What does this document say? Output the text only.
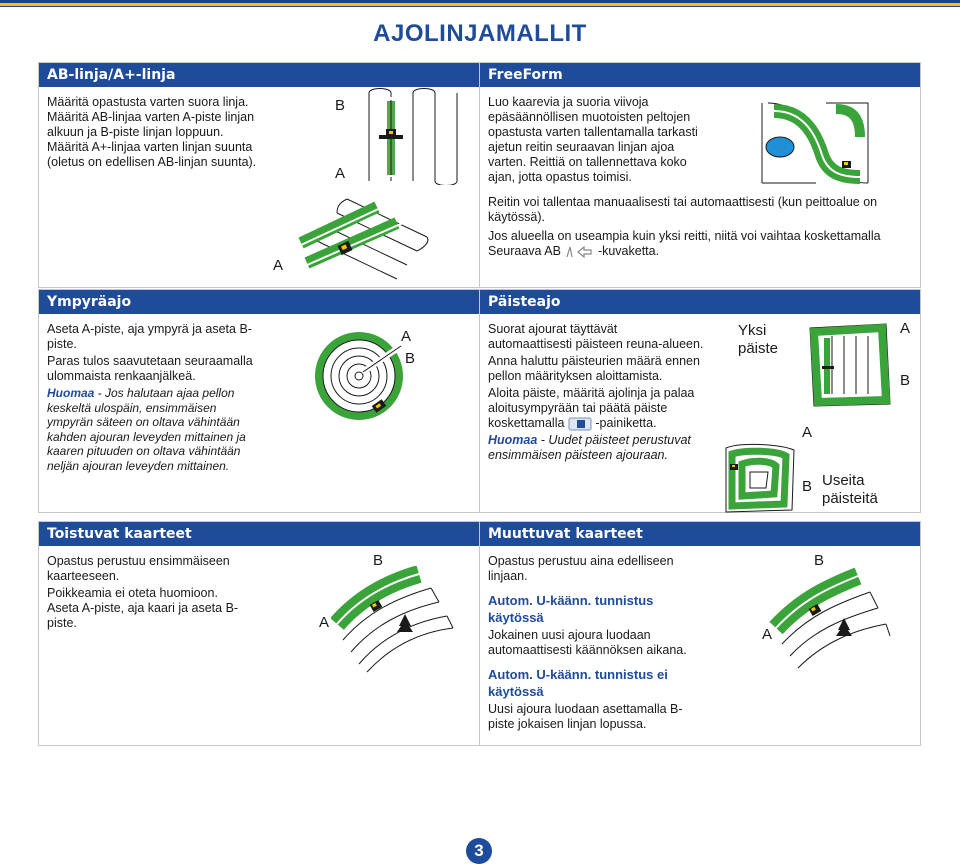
AJOLINJAMALLIT
AB-linja/A+-linja

Määritä opastusta varten suora linja.

Määritä AB-linjaa varten A-piste linjan alkuun ja B-piste linjan loppuun.

Määritä A+-linjaa varten linjan suunta (oletus on edellisen AB-linjan suunta).

B
A
A
FreeForm
Luo kaarevia ja suoria viivoja epäsäännöllisen muotoisten peltojen opastusta varten tallentamalla tarkasti ajetun reitin seuraavan linjan ajoa varten. Reittiä on tallennettava koko ajan, jotta opastus toimisi.
Reitin voi tallentaa manuaalisesti tai automaattisesti (kun peittoalue on käytössä).
Jos alueella on useampia kuin yksi reitti, niitä voi vaihtaa koskettamalla Seuraava AB	-kuvaketta.
Ympyräajo

Aseta A-piste, aja ympyrä ja aseta B-piste.

Paras tulos saavutetaan seuraamalla ulommaista renkaanjälkeä.

Huomaa - Jos halutaan ajaa pellon keskeltä ulospäin, ensimmäisen ympyrän säteen on oltava vähintään kahden ajouran leveyden mittainen ja kaaren pituuden on oltava vähintään neljän ajouran leveyden mittainen.

A
B
Päisteajo

Suorat ajourat täyttävät automaattisesti päisteen reuna-alueen.

Anna haluttu päisteurien määrä ennen pellon määrityksen aloittamista.

Aloita päiste, määritä ajolinja ja palaa aloitusympyrään tai päätä päiste koskettamalla  -painiketta.

Huomaa - Uudet päisteet perustuvat ensimmäisen päisteen ajouraan.

Yksi päiste
A
B
A
B Useita päisteitä
Toistuvat kaarteet

Opastus perustuu ensimmäiseen kaarteeseen.

Poikkeamia ei oteta huomioon. Aseta A-piste, aja kaari ja aseta B-piste.

B
A
Muuttuvat kaarteet

Opastus perustuu aina edelliseen linjaan.

Autom. U-käänn. tunnistus käytössä

Jokainen uusi ajoura luodaan automaattisesti käännöksen aikana.

Autom. U-käänn. tunnistus ei käytössä

Uusi ajoura luodaan asettamalla B-piste jokaisen linjan lopussa.

B
A
3
